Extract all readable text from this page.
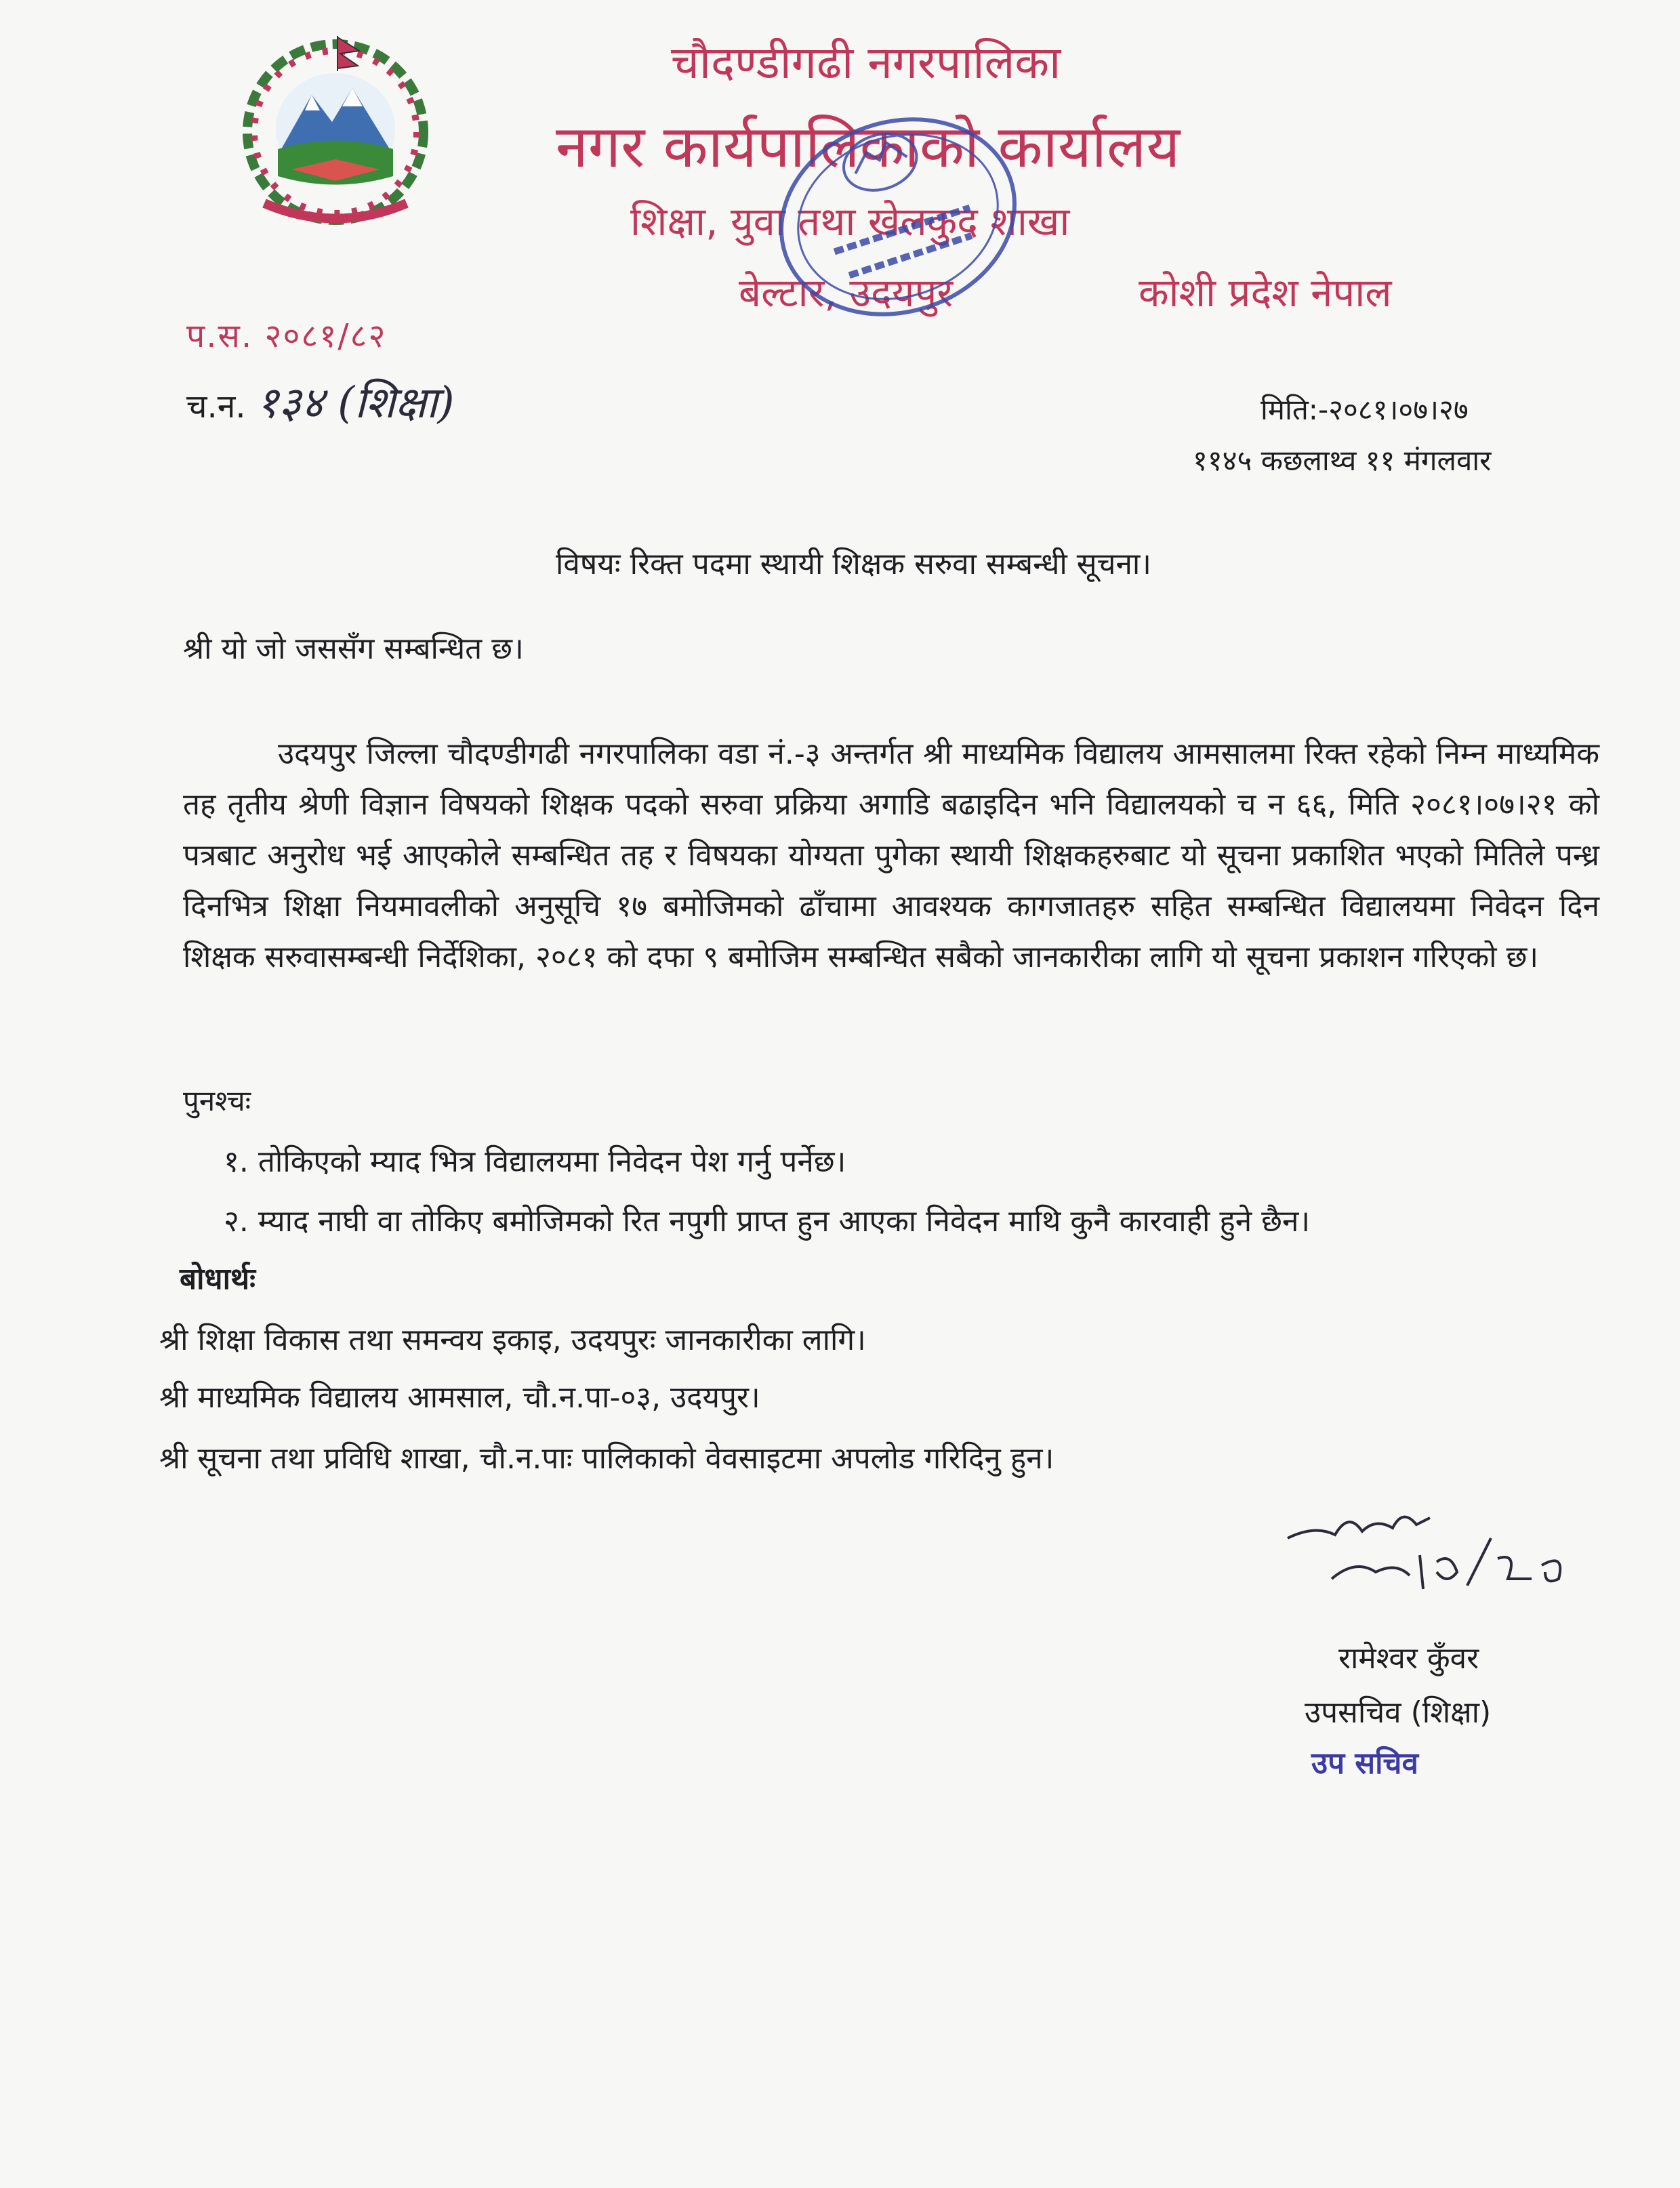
चौदण्डीगढी नगरपालिका
नगर कार्यपालिकाको कार्यालय
शिक्षा, युवा तथा खेलकुद शाखा
बेल्टार, उदयपुर	कोशी प्रदेश नेपाल
प.स. २०८१/८२
च.न. १३४ (शिक्षा)	मिति:-२०८१।०७।२७
११४५ कछलाथ्व ११ मंगलवार
विषयः रिक्त पदमा स्थायी शिक्षक सरुवा सम्बन्धी सूचना।
श्री यो जो जससँग सम्बन्धित छ।
उदयपुर जिल्ला चौदण्डीगढी नगरपालिका वडा नं.-३ अन्तर्गत श्री माध्यमिक विद्यालय आमसालमा रिक्त रहेको निम्न माध्यमिक तह तृतीय श्रेणी विज्ञान विषयको शिक्षक पदको सरुवा प्रक्रिया अगाडि बढाइदिन भनि विद्यालयको च न ६६, मिति २०८१।०७।२१ को पत्रबाट अनुरोध भई आएकोले सम्बन्धित तह र विषयका योग्यता पुगेका स्थायी शिक्षकहरुबाट यो सूचना प्रकाशित भएको मितिले पन्ध्र दिनभित्र शिक्षा नियमावलीको अनुसूचि १७ बमोजिमको ढाँचामा आवश्यक कागजातहरु सहित सम्बन्धित विद्यालयमा निवेदन दिन शिक्षक सरुवासम्बन्धी निर्देशिका, २०८१ को दफा ९ बमोजिम सम्बन्धित सबैको जानकारीका लागि यो सूचना प्रकाशन गरिएको छ।
पुनश्चः
१. तोकिएको म्याद भित्र विद्यालयमा निवेदन पेश गर्नु पर्नेछ।
२. म्याद नाघी वा तोकिए बमोजिमको रित नपुगी प्राप्त हुन आएका निवेदन माथि कुनै कारवाही हुने छैन।
बोधार्थः
श्री शिक्षा विकास तथा समन्वय इकाइ, उदयपुरः जानकारीका लागि।
श्री माध्यमिक विद्यालय आमसाल, चौ.न.पा-०३, उदयपुर।
श्री सूचना तथा प्रविधि शाखा, चौ.न.पाः पालिकाको वेवसाइटमा अपलोड गरिदिनु हुन।
रामेश्वर कुँवर
उपसचिव (शिक्षा)
उप सचिव
